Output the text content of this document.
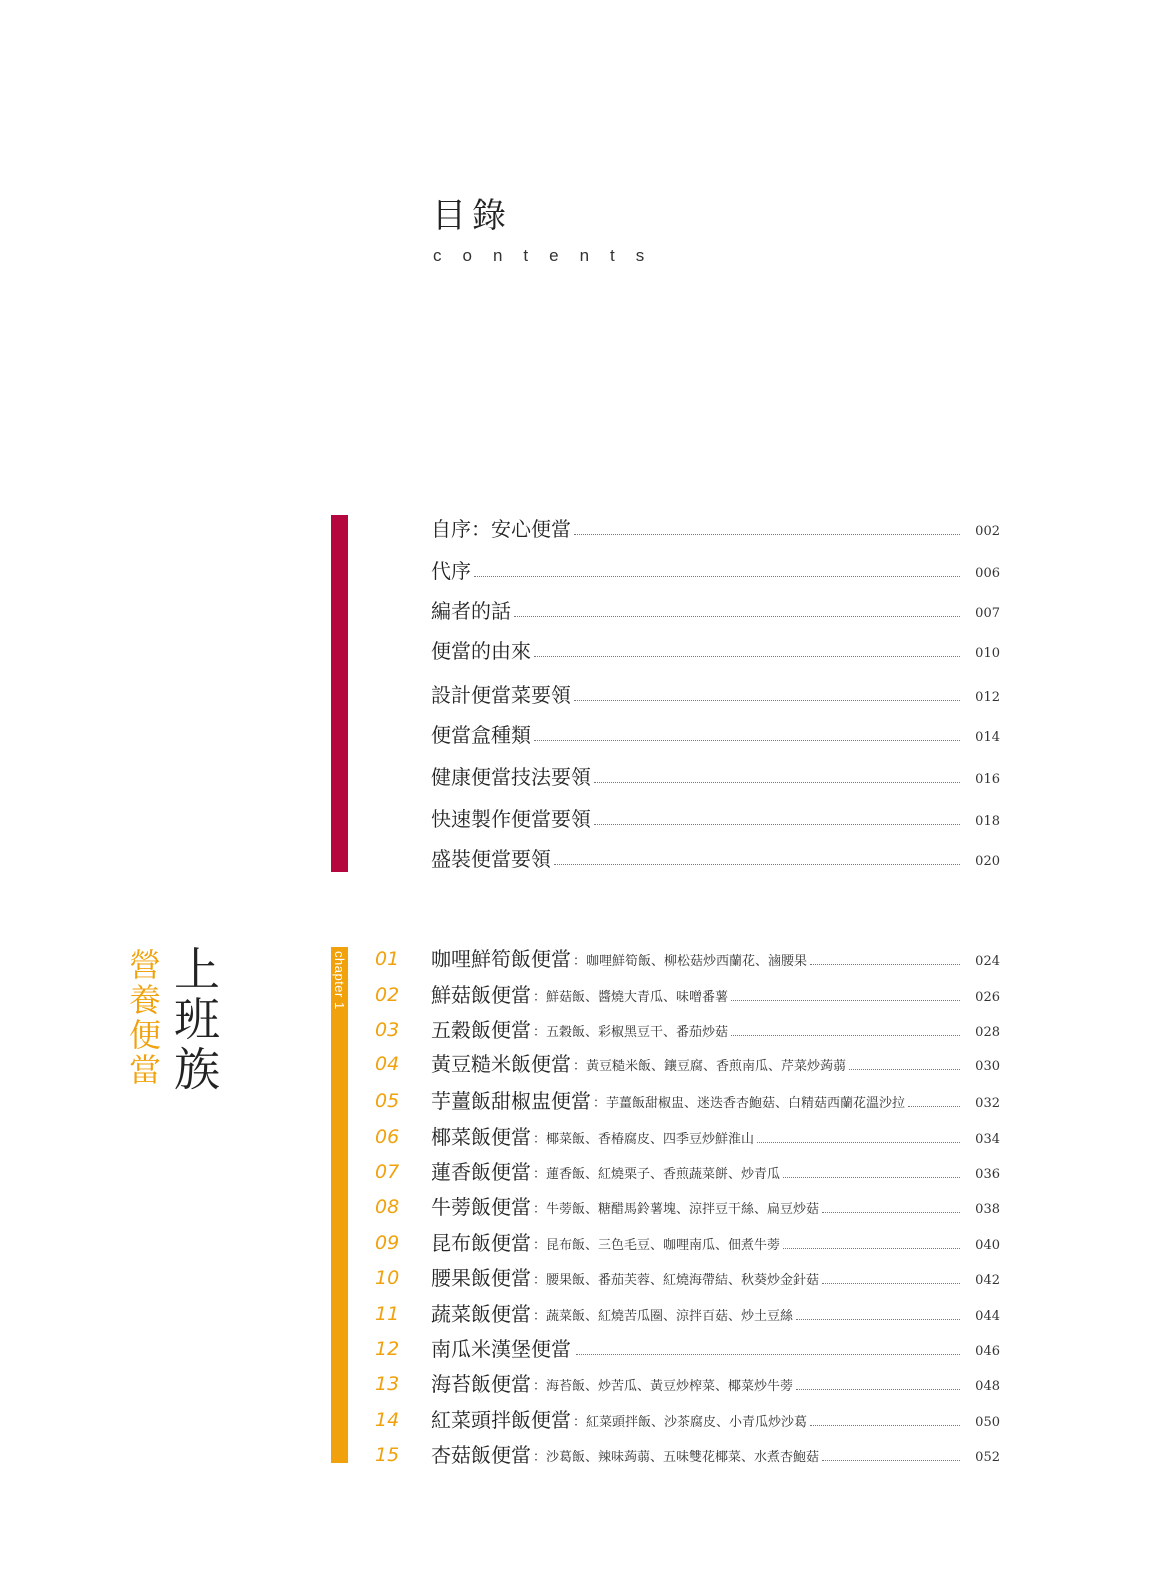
目錄
contents
chapter 1
上班族
營養便當
自序：安心便當	002
代序	006
編者的話	007
便當的由來	010
設計便當菜要領	012
便當盒種類	014
健康便當技法要領	016
快速製作便當要領	018
盛裝便當要領	020
01	咖哩鮮筍飯便當 ：咖哩鮮筍飯、柳松菇炒西蘭花、滷腰果	024
02	鮮菇飯便當 ：鮮菇飯、醬燒大青瓜、味噌番薯	026
03	五穀飯便當 ：五穀飯、彩椒黑豆干、番茄炒菇	028
04	黃豆糙米飯便當 ：黃豆糙米飯、鑲豆腐、香煎南瓜、芹菜炒蒟蒻	030
05	芋薑飯甜椒盅便當 ：芋薑飯甜椒盅、迷迭香杏鮑菇、白精菇西蘭花溫沙拉	032
06	椰菜飯便當 ：椰菜飯、香椿腐皮、四季豆炒鮮淮山	034
07	蓮香飯便當 ：蓮香飯、紅燒栗子、香煎蔬菜餅、炒青瓜	036
08	牛蒡飯便當 ：牛蒡飯、糖醋馬鈴薯塊、涼拌豆干絲、扁豆炒菇	038
09	昆布飯便當 ：昆布飯、三色毛豆、咖哩南瓜、佃煮牛蒡	040
10	腰果飯便當 ：腰果飯、番茄芙蓉、紅燒海帶結、秋葵炒金針菇	042
11	蔬菜飯便當 ：蔬菜飯、紅燒苦瓜圈、涼拌百菇、炒土豆絲	044
12	南瓜米漢堡便當	046
13	海苔飯便當 ：海苔飯、炒苦瓜、黃豆炒榨菜、椰菜炒牛蒡	048
14	紅菜頭拌飯便當 ：紅菜頭拌飯、沙茶腐皮、小青瓜炒沙葛	050
15	杏菇飯便當 ：沙葛飯、辣味蒟蒻、五味雙花椰菜、水煮杏鮑菇	052
